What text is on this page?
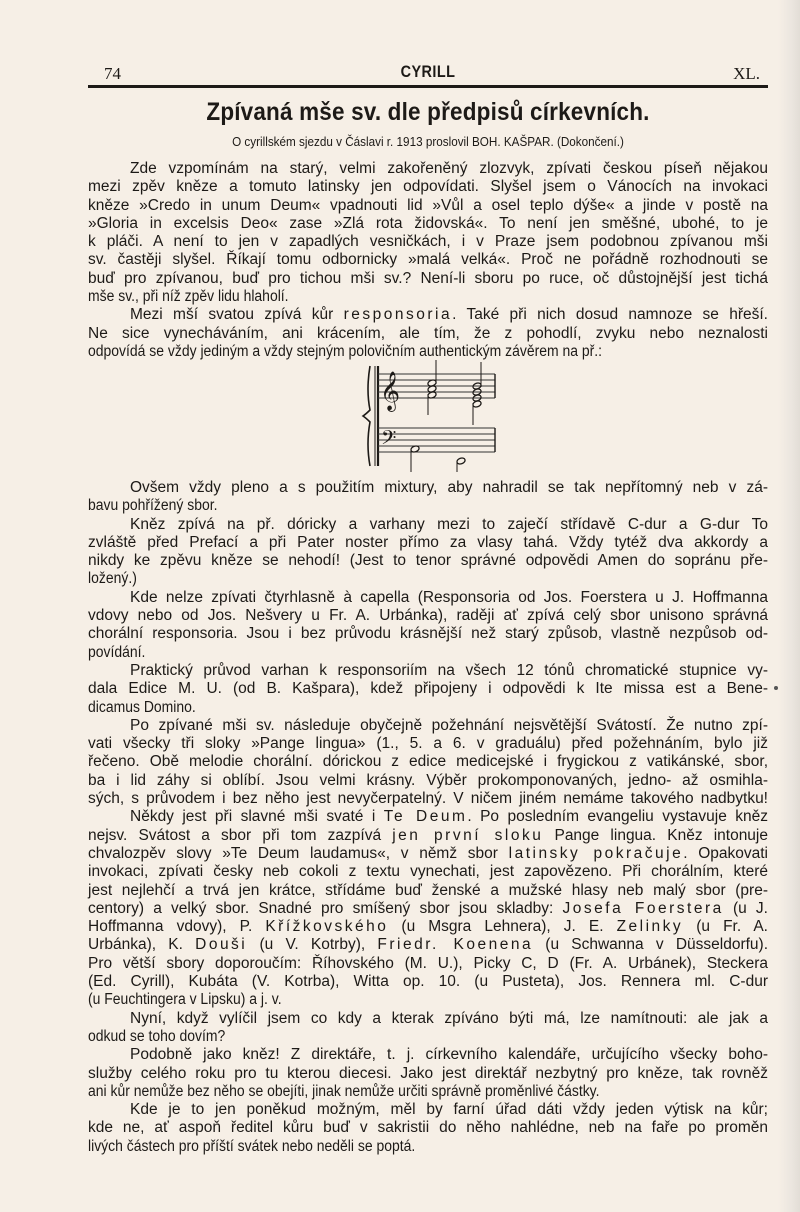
74	CYRILL	XL.
Zpívaná mše sv. dle předpisů církevních.
O cyrillském sjezdu v Čáslavi r. 1913 proslovil BOH. KAŠPAR. (Dokončení.)
Zde vzpomínám na starý, velmi zakořeněný zlozvyk, zpívati českou píseň nějakou
mezi zpěv kněze a tomuto latinsky jen odpovídati. Slyšel jsem o Vánocích na invokaci
kněze »Credo in unum Deum« vpadnouti lid »Vůl a osel teplo dýše« a jinde v postě na
»Gloria in excelsis Deo« zase »Zlá rota židovská«. To není jen směšné, ubohé, to je
k pláči. A není to jen v zapadlých vesničkách, i v Praze jsem podobnou zpívanou mši
sv. častěji slyšel. Říkají tomu odbornicky »malá velká«. Proč ne pořádně rozhodnouti se
buď pro zpívanou, buď pro tichou mši sv.? Není-li sboru po ruce, oč důstojnější jest tichá
mše sv., při níž zpěv lidu hlaholí.
Mezi mší svatou zpívá kůr responsoria. Také při nich dosud namnoze se hřeší.
Ne sice vynecháváním, ani krácením, ale tím, že z pohodlí, zvyku nebo neznalosti
odpovídá se vždy jediným a vždy stejným polovičním authentickým závěrem na př.:
𝄞
𝄢
Ovšem vždy pleno a s použitím mixtury, aby nahradil se tak nepřítomný neb v zá-
bavu pohřížený sbor.
Kněz zpívá na př. dóricky a varhany mezi to zaječí střídavě C-dur a G-dur To
zvláště před Prefací a při Pater noster přímo za vlasy tahá. Vždy tytéž dva akkordy a
nikdy ke zpěvu kněze se nehodí! (Jest to tenor správné odpovědi Amen do sopránu pře-
ložený.)
Kde nelze zpívati čtyrhlasně à capella (Responsoria od Jos. Foerstera u J. Hoffmanna
vdovy nebo od Jos. Nešvery u Fr. A. Urbánka), raději ať zpívá celý sbor unisono správná
chorální responsoria. Jsou i bez průvodu krásnější než starý způsob, vlastně nezpůsob od-
povídání.
Praktický průvod varhan k responsoriím na všech 12 tónů chromatické stupnice vy-
dala Edice M. U. (od B. Kašpara), kdež připojeny i odpovědi k Ite missa est a Bene-
dicamus Domino.
Po zpívané mši sv. následuje obyčejně požehnání nejsvětější Svátostí. Že nutno zpí-
vati všecky tři sloky »Pange lingua» (1., 5. a 6. v graduálu) před požehnáním, bylo již
řečeno. Obě melodie chorální. dórickou z edice medicejské i frygickou z vatikánské, sbor,
ba i lid záhy si oblíbí. Jsou velmi krásny. Výběr prokomponovaných, jedno- až osmihla-
sých, s průvodem i bez něho jest nevyčerpatelný. V ničem jiném nemáme takového nadbytku!
Někdy jest při slavné mši svaté i Te Deum. Po posledním evangeliu vystavuje kněz
nejsv. Svátost a sbor při tom zazpívá jen první sloku Pange lingua. Kněz intonuje
chvalozpěv slovy »Te Deum laudamus«, v němž sbor latinsky pokračuje. Opakovati
invokaci, zpívati česky neb cokoli z textu vynechati, jest zapovězeno. Při chorálním, které
jest nejlehčí a trvá jen krátce, střídáme buď ženské a mužské hlasy neb malý sbor (pre-
centory) a velký sbor. Snadné pro smíšený sbor jsou skladby: Josefa Foerstera (u J.
Hoffmanna vdovy), P. Křížkovského (u Msgra Lehnera), J. E. Zelinky (u Fr. A.
Urbánka), K. Douši (u V. Kotrby), Friedr. Koenena (u Schwanna v Düsseldorfu).
Pro větší sbory doporoučím: Říhovského (M. U.), Picky C, D (Fr. A. Urbánek), Steckera
(Ed. Cyrill), Kubáta (V. Kotrba), Witta op. 10. (u Pusteta), Jos. Rennera ml. C-dur
(u Feuchtingera v Lipsku) a j. v.
Nyní, když vylíčil jsem co kdy a kterak zpíváno býti má, lze namítnouti: ale jak a
odkud se toho dovím?
Podobně jako kněz! Z direktáře, t. j. církevního kalendáře, určujícího všecky boho-
služby celého roku pro tu kterou diecesi. Jako jest direktář nezbytný pro kněze, tak rovněž
ani kůr nemůže bez něho se obejíti, jinak nemůže určiti správně proměnlivé částky.
Kde je to jen poněkud možným, měl by farní úřad dáti vždy jeden výtisk na kůr;
kde ne, ať aspoň ředitel kůru buď v sakristii do něho nahlédne, neb na faře po proměn
livých částech pro příští svátek nebo neděli se poptá.
